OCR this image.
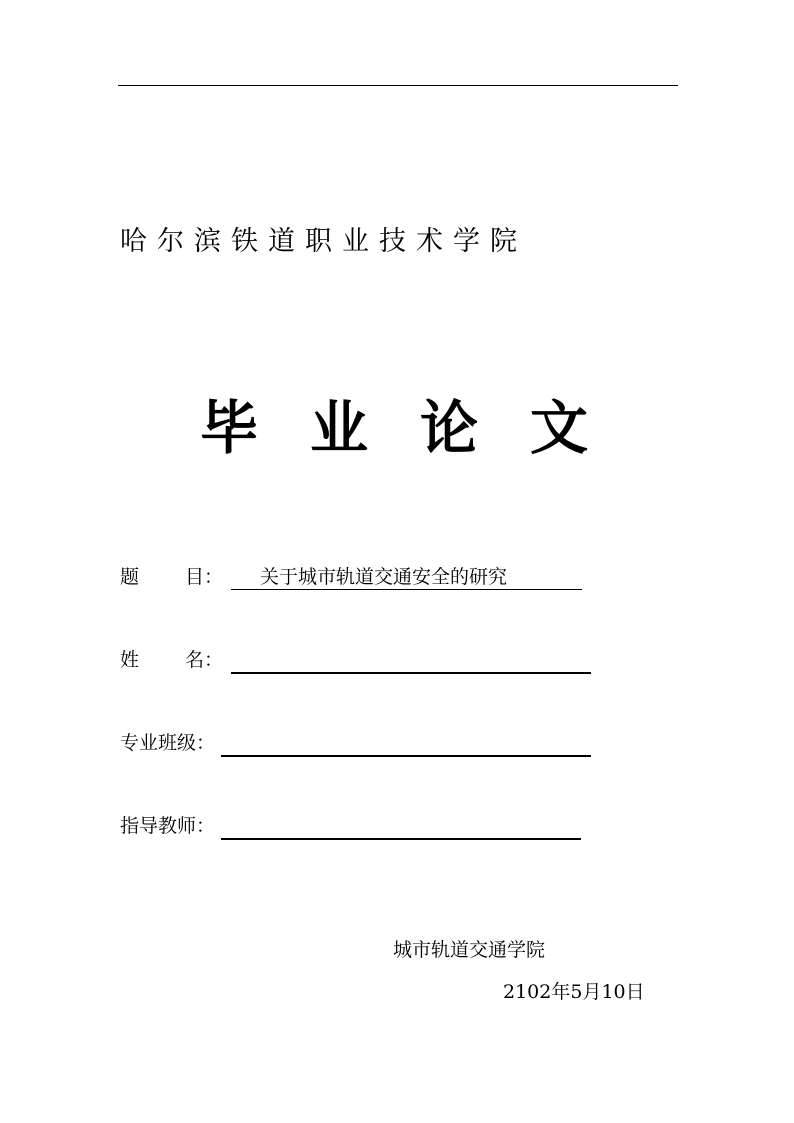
哈尔滨铁道职业技术学院
毕业论文
题 目： 关于城市轨道交通安全的研究
姓 名：
专业班级：
指导教师：
城市轨道交通学院
2102年5月10日
